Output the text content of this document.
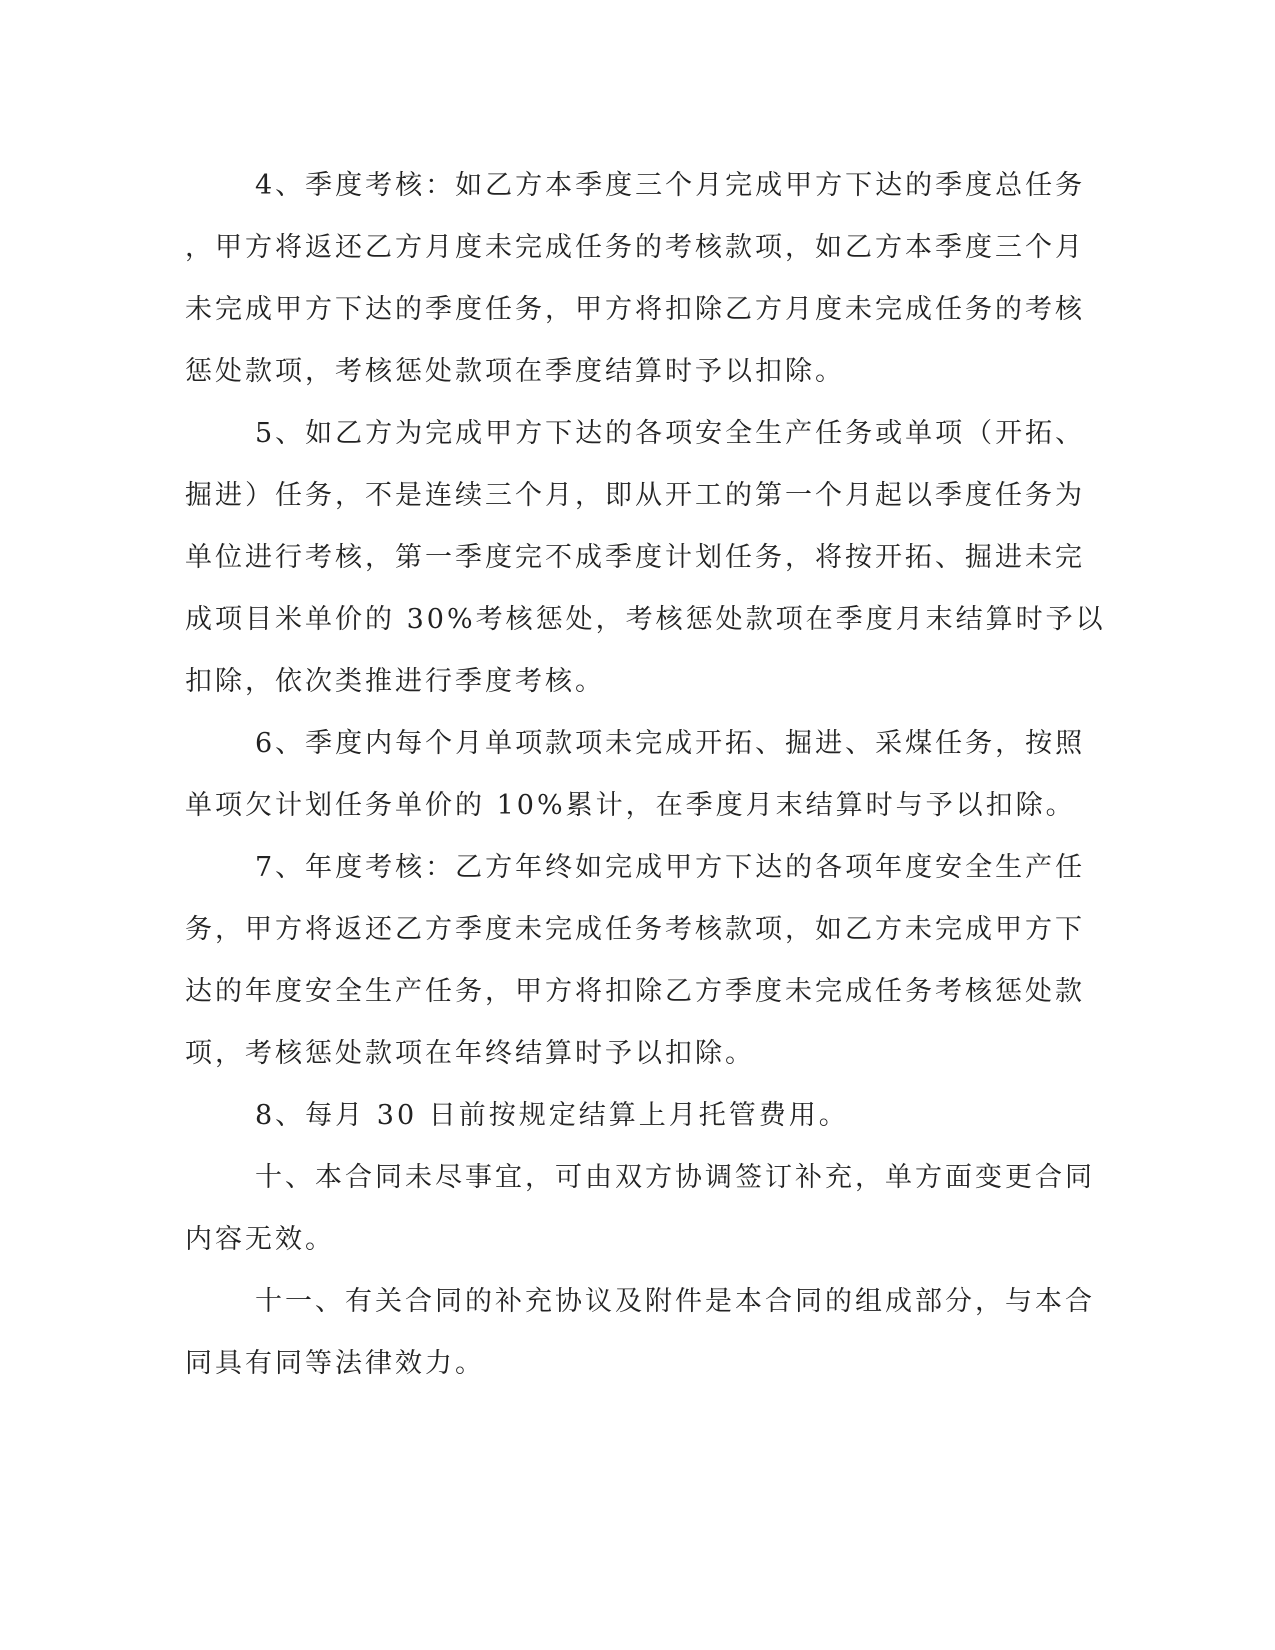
4、季度考核：如乙方本季度三个月完成甲方下达的季度总任务
，甲方将返还乙方月度未完成任务的考核款项，如乙方本季度三个月
未完成甲方下达的季度任务，甲方将扣除乙方月度未完成任务的考核
惩处款项，考核惩处款项在季度结算时予以扣除。
5、如乙方为完成甲方下达的各项安全生产任务或单项（开拓、
掘进）任务，不是连续三个月，即从开工的第一个月起以季度任务为
单位进行考核，第一季度完不成季度计划任务，将按开拓、掘进未完
成项目米单价的 30%考核惩处，考核惩处款项在季度月末结算时予以
扣除，依次类推进行季度考核。
6、季度内每个月单项款项未完成开拓、掘进、采煤任务，按照
单项欠计划任务单价的 10%累计，在季度月末结算时与予以扣除。
7、年度考核：乙方年终如完成甲方下达的各项年度安全生产任
务，甲方将返还乙方季度未完成任务考核款项，如乙方未完成甲方下
达的年度安全生产任务，甲方将扣除乙方季度未完成任务考核惩处款
项，考核惩处款项在年终结算时予以扣除。
8、每月 30 日前按规定结算上月托管费用。
十、本合同未尽事宜，可由双方协调签订补充，单方面变更合同
内容无效。
十一、有关合同的补充协议及附件是本合同的组成部分，与本合
同具有同等法律效力。
